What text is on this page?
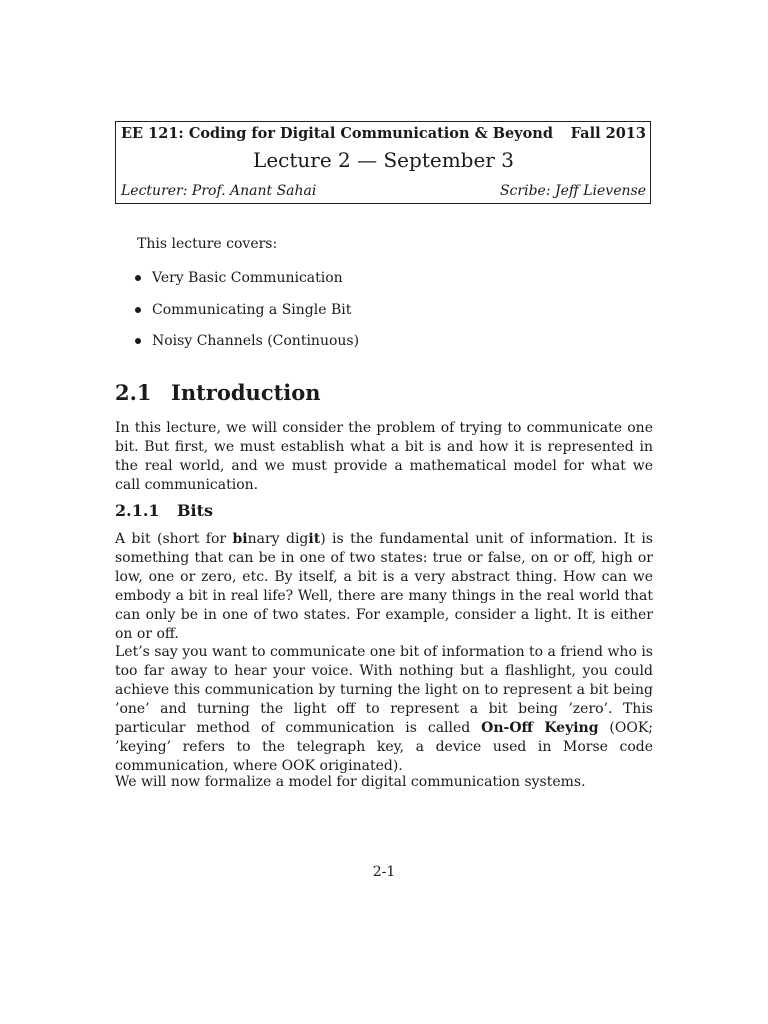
EE 121: Coding for Digital Communication & Beyond Fall 2013
Lecture 2 — September 3
Lecturer: Prof. Anant Sahai	Scribe: Jeff Lievense
This lecture covers:
Very Basic Communication
Communicating a Single Bit
Noisy Channels (Continuous)
2.1 Introduction

In this lecture, we will consider the problem of trying to communicate one bit. But first, we must establish what a bit is and how it is represented in the real world, and we must provide a mathematical model for what we call communication.

2.1.1 Bits

A bit (short for binary digit) is the fundamental unit of information. It is something that can be in one of two states: true or false, on or off, high or low, one or zero, etc. By itself, a bit is a very abstract thing. How can we embody a bit in real life? Well, there are many things in the real world that can only be in one of two states. For example, consider a light. It is either on or off.

Let’s say you want to communicate one bit of information to a friend who is too far away to hear your voice. With nothing but a flashlight, you could achieve this communication by turning the light on to represent a bit being ’one’ and turning the light off to represent a bit being ’zero’. This particular method of communication is called On-Off Keying (OOK; ’keying’ refers to the telegraph key, a device used in Morse code communication, where OOK originated).

We will now formalize a model for digital communication systems.

2-1
